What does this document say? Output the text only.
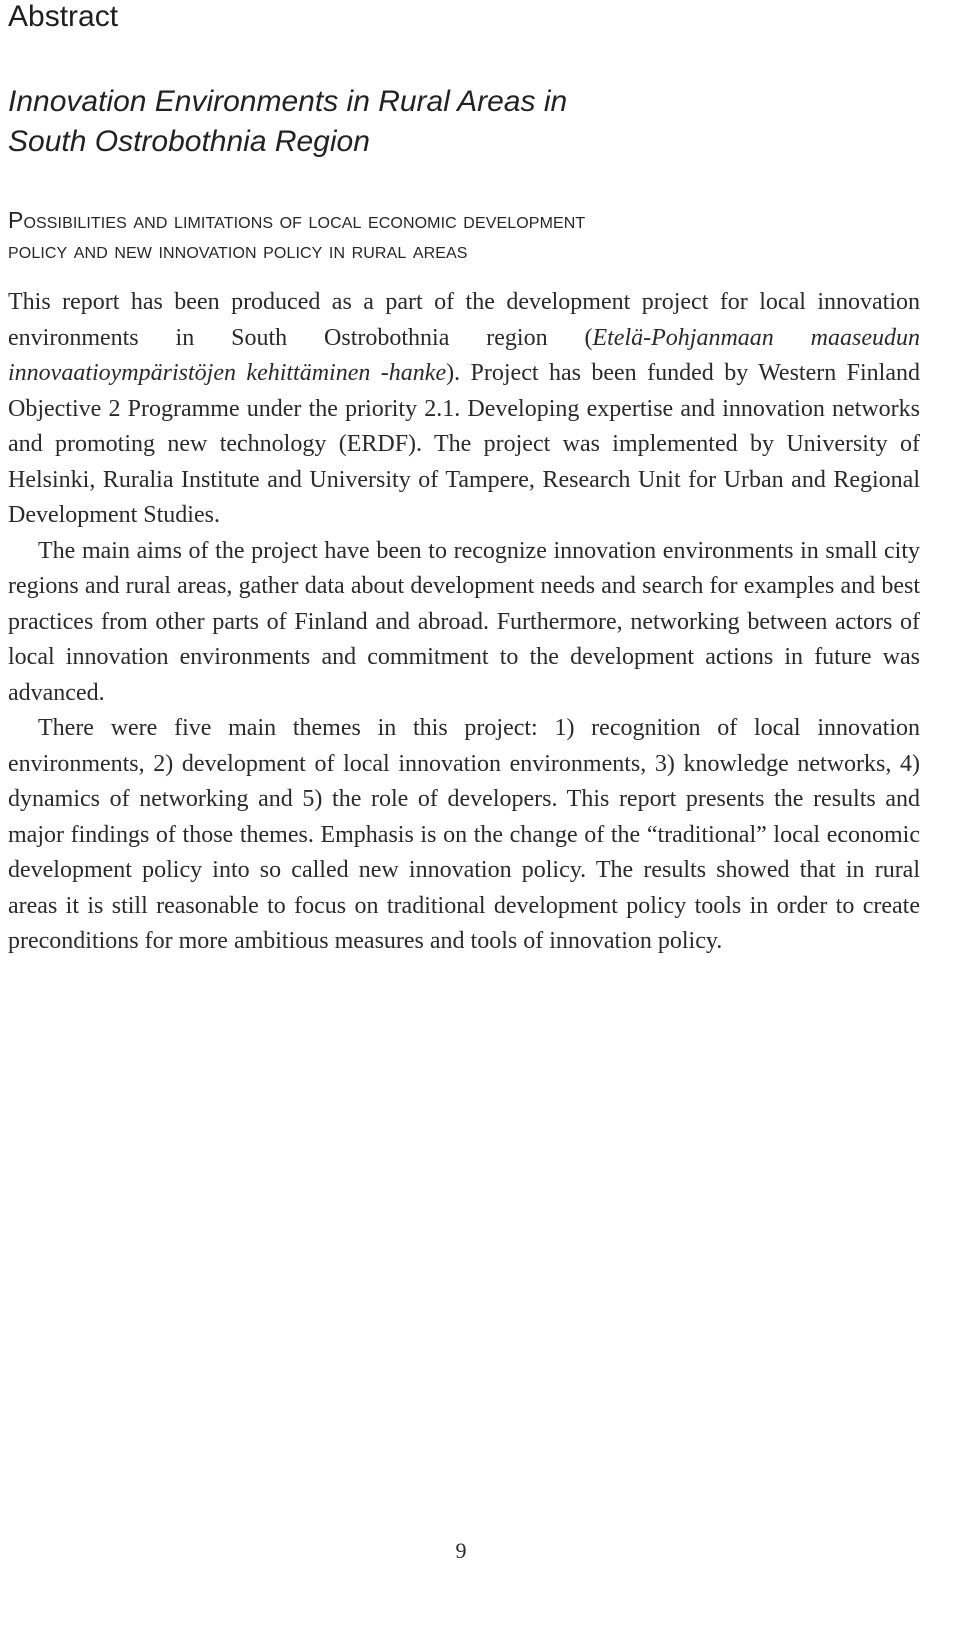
Abstract
Innovation Environments in Rural Areas in
South Ostrobothnia Region
Possibilities and limitations of local economic development
policy and new innovation policy in rural areas

This report has been produced as a part of the development project for local innovation environments in South Ostrobothnia region (Etelä-Pohjanmaan maaseudun innovaatioympäristöjen kehittäminen -hanke). Project has been funded by Western Finland Objective 2 Programme under the priority 2.1. Developing expertise and innovation networks and promoting new technology (ERDF). The project was implemented by University of Helsinki, Ruralia Institute and University of Tampere, Research Unit for Urban and Regional Development Studies.

The main aims of the project have been to recognize innovation environments in small city regions and rural areas, gather data about development needs and search for examples and best practices from other parts of Finland and abroad. Furthermore, networking between actors of local innovation environments and commitment to the development actions in future was advanced.

There were five main themes in this project: 1) recognition of local innovation environments, 2) development of local innovation environments, 3) knowledge networks, 4) dynamics of networking and 5) the role of developers. This report presents the results and major findings of those themes. Emphasis is on the change of the “traditional” local economic development policy into so called new innovation policy. The results showed that in rural areas it is still reasonable to focus on traditional development policy tools in order to create preconditions for more ambitious measures and tools of innovation policy.

9
